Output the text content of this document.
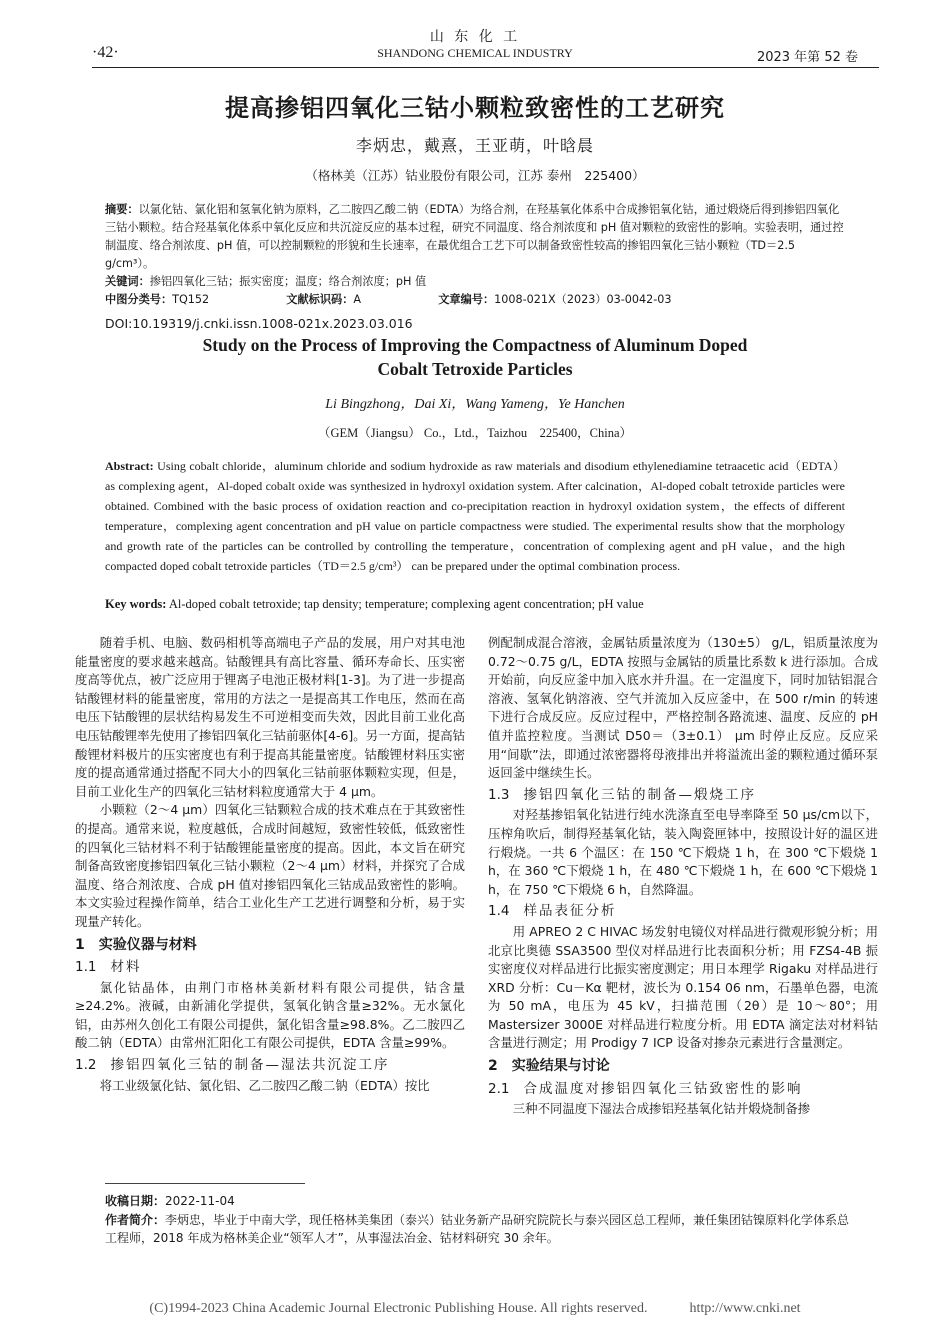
·42·
山 东 化 工
SHANDONG CHEMICAL INDUSTRY	2023 年第 52 卷
提高掺铝四氧化三钴小颗粒致密性的工艺研究
李炳忠，戴熹，王亚萌，叶晗晨
（格林美（江苏）钴业股份有限公司，江苏 泰州　225400）
摘要：以氯化钴、氯化铝和氢氧化钠为原料，乙二胺四乙酸二钠（EDTA）为络合剂，在羟基氧化体系中合成掺铝氧化钴，通过煅烧后得到掺铝四氧化三钴小颗粒。结合羟基氧化体系中氧化反应和共沉淀反应的基本过程，研究不同温度、络合剂浓度和 pH 值对颗粒的致密性的影响。实验表明，通过控制温度、络合剂浓度、pH 值，可以控制颗粒的形貌和生长速率，在最优组合工艺下可以制备致密性较高的掺铝四氧化三钴小颗粒（TD＝2.5 g/cm³）。
关键词：掺铝四氧化三钴；振实密度；温度；络合剂浓度；pH 值
中图分类号：TQ152	文献标识码：A	文章编号：1008-021X（2023）03-0042-03
DOI:10.19319/j.cnki.issn.1008-021x.2023.03.016
Study on the Process of Improving the Compactness of Aluminum Doped
Cobalt Tetroxide Particles
Li Bingzhong，Dai Xi，Wang Yameng，Ye Hanchen
（GEM（Jiangsu） Co.，Ltd.，Taizhou　225400，China）
Abstract: Using cobalt chloride，aluminum chloride and sodium hydroxide as raw materials and disodium ethylenediamine tetraacetic acid（EDTA） as complexing agent，Al-doped cobalt oxide was synthesized in hydroxyl oxidation system. After calcination，Al-doped cobalt tetroxide particles were obtained. Combined with the basic process of oxidation reaction and co-precipitation reaction in hydroxyl oxidation system，the effects of different temperature，complexing agent concentration and pH value on particle compactness were studied. The experimental results show that the morphology and growth rate of the particles can be controlled by controlling the temperature，concentration of complexing agent and pH value，and the high compacted doped cobalt tetroxide particles（TD＝2.5 g/cm³） can be prepared under the optimal combination process.
Key words: Al-doped cobalt tetroxide; tap density; temperature; complexing agent concentration; pH value

随着手机、电脑、数码相机等高端电子产品的发展，用户对其电池能量密度的要求越来越高。钴酸锂具有高比容量、循环寿命长、压实密度高等优点，被广泛应用于锂离子电池正极材料[1-3]。为了进一步提高钴酸锂材料的能量密度，常用的方法之一是提高其工作电压，然而在高电压下钴酸锂的层状结构易发生不可逆相变而失效，因此目前工业化高电压钴酸锂率先使用了掺铝四氧化三钴前驱体[4-6]。另一方面，提高钴酸锂材料极片的压实密度也有利于提高其能量密度。钴酸锂材料压实密度的提高通常通过搭配不同大小的四氧化三钴前驱体颗粒实现，但是，目前工业化生产的四氧化三钴材料粒度通常大于 4 μm。

小颗粒（2～4 μm）四氧化三钴颗粒合成的技术难点在于其致密性的提高。通常来说，粒度越低，合成时间越短，致密性较低，低致密性的四氧化三钴材料不利于钴酸锂能量密度的提高。因此，本文旨在研究制备高致密度掺铝四氧化三钴小颗粒（2～4 μm）材料，并探究了合成温度、络合剂浓度、合成 pH 值对掺铝四氧化三钴成品致密性的影响。本文实验过程操作简单，结合工业化生产工艺进行调整和分析，易于实现量产转化。

1　实验仪器与材料
1.1 材料

氯化钴晶体，由荆门市格林美新材料有限公司提供，钴含量≥24.2%。液碱，由新浦化学提供，氢氧化钠含量≥32%。无水氯化铝，由苏州久创化工有限公司提供，氯化铝含量≥98.8%。乙二胺四乙酸二钠（EDTA）由常州汇阳化工有限公司提供，EDTA 含量≥99%。

1.2 掺铝四氧化三钴的制备—湿法共沉淀工序

将工业级氯化钴、氯化铝、乙二胺四乙酸二钠（EDTA）按比

例配制成混合溶液，金属钴质量浓度为（130±5） g/L，铝质量浓度为 0.72～0.75 g/L，EDTA 按照与金属钴的质量比系数 k 进行添加。合成开始前，向反应釜中加入底水并升温。在一定温度下，同时加钴铝混合溶液、氢氧化钠溶液、空气并流加入反应釜中，在 500 r/min 的转速下进行合成反应。反应过程中，严格控制各路流速、温度、反应的 pH 值并监控粒度。当测试 D50＝（3±0.1） μm 时停止反应。反应采用“间歇”法，即通过浓密器将母液排出并将溢流出釜的颗粒通过循环泵返回釜中继续生长。

1.3 掺铝四氧化三钴的制备—煅烧工序

对羟基掺铝氧化钴进行纯水洗涤直至电导率降至 50 μs/cm以下，压榨角吹后，制得羟基氧化钴，装入陶瓷匣钵中，按照设计好的温区进行煅烧。一共 6 个温区：在 150 ℃下煅烧 1 h，在 300 ℃下煅烧 1 h，在 360 ℃下煅烧 1 h，在 480 ℃下煅烧 1 h，在 600 ℃下煅烧 1 h，在 750 ℃下煅烧 6 h，自然降温。

1.4 样品表征分析

用 APREO 2 C HIVAC 场发射电镜仪对样品进行微观形貌分析；用北京比奥德 SSA3500 型仪对样品进行比表面积分析；用 FZS4-4B 振实密度仪对样品进行比振实密度测定；用日本理学 Rigaku 对样品进行 XRD 分析：Cu－Kα 靶材，波长为 0.154 06 nm，石墨单色器，电流为 50 mA，电压为 45 kV，扫描范围（2θ）是 10～80°；用 Mastersizer 3000E 对样品进行粒度分析。用 EDTA 滴定法对材料钴含量进行测定；用 Prodigy 7 ICP 设备对掺杂元素进行含量测定。

2　实验结果与讨论
2.1 合成温度对掺铝四氧化三钴致密性的影响

三种不同温度下湿法合成掺铝羟基氧化钴并煅烧制备掺

收稿日期：2022-11-04
作者简介：李炳忠，毕业于中南大学，现任格林美集团（泰兴）钴业务新产品研究院院长与泰兴园区总工程师，兼任集团钴镍原料化学体系总工程师，2018 年成为格林美企业“领军人才”，从事湿法冶金、钴材料研究 30 余年。
(C)1994-2023 China Academic Journal Electronic Publishing House. All rights reserved.　　　http://www.cnki.net
